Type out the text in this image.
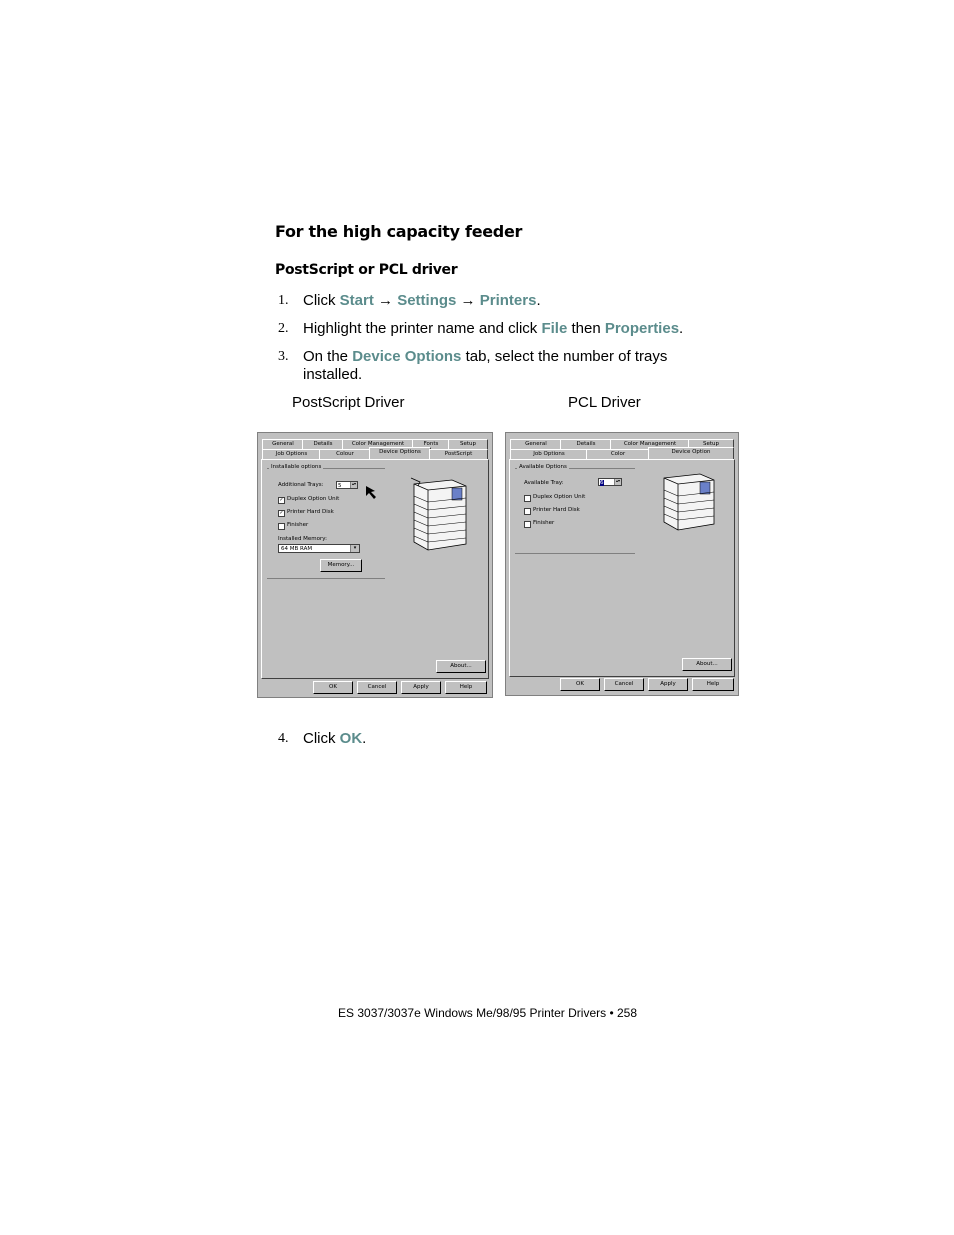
For the high capacity feeder
PostScript or PCL driver
1. Click Start → Settings → Printers.
2. Highlight the printer name and click File then Properties.
3. On the Device Options tab, select the number of trays installed.
PostScript Driver	PCL Driver
General	Details	Color Management	Fonts	Setup
Job Options	Colour	Device Options	PostScript
Installable options
Additional Trays:	5	▴▾
✓ Duplex Option Unit
✓ Printer Hard Disk
Finisher
Installed Memory:
64 MB RAM	▾
Memory...
About...
OK	Cancel	Apply	Help
General	Details	Color Management	Setup
Job Options	Color	Device Option
Available Options
Available Tray:	6	▴▾
Duplex Option Unit
Printer Hard Disk
Finisher
About...
OK	Cancel	Apply	Help
4. Click OK.
ES 3037/3037e Windows Me/98/95 Printer Drivers • 258
